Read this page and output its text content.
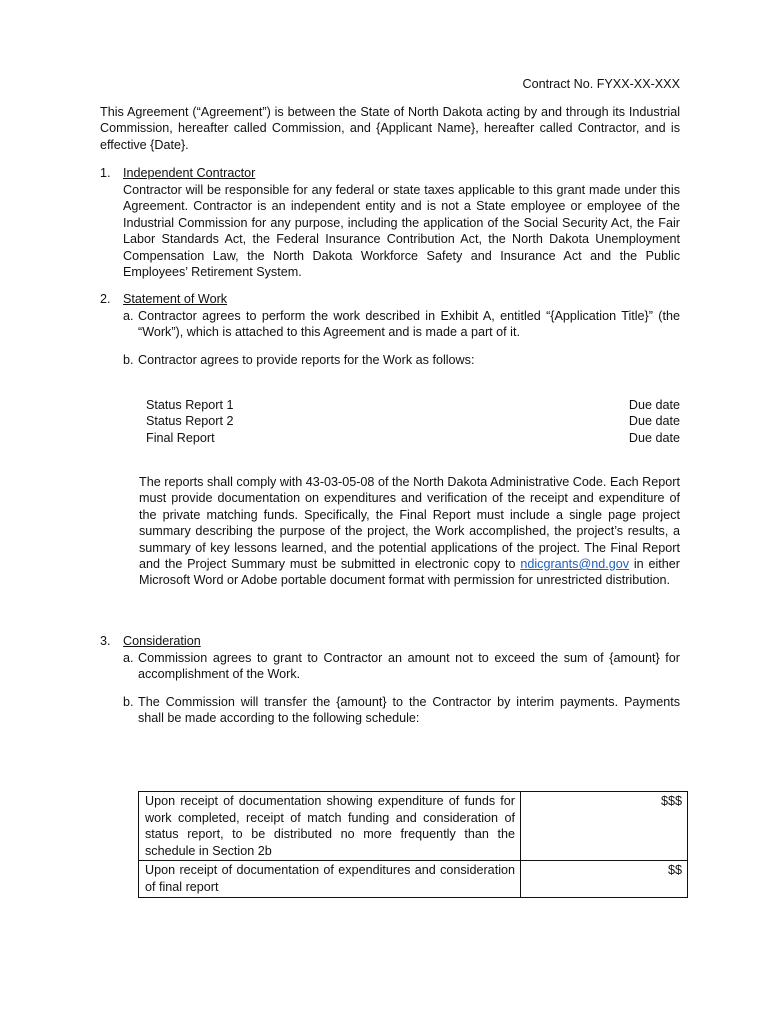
Contract No. FYXX-XX-XXX
This Agreement (“Agreement”) is between the State of North Dakota acting by and through its Industrial Commission, hereafter called Commission, and {Applicant Name}, hereafter called Contractor, and is effective {Date}.
1. Independent Contractor
Contractor will be responsible for any federal or state taxes applicable to this grant made under this Agreement. Contractor is an independent entity and is not a State employee or employee of the Industrial Commission for any purpose, including the application of the Social Security Act, the Fair Labor Standards Act, the Federal Insurance Contribution Act, the North Dakota Unemployment Compensation Law, the North Dakota Workforce Safety and Insurance Act and the Public Employees’ Retirement System.
2. Statement of Work
a. Contractor agrees to perform the work described in Exhibit A, entitled “{Application Title}” (the “Work”), which is attached to this Agreement and is made a part of it.
b. Contractor agrees to provide reports for the Work as follows:
Status Report 1	Due date
Status Report 2	Due date
Final Report	Due date
The reports shall comply with 43-03-05-08 of the North Dakota Administrative Code. Each Report must provide documentation on expenditures and verification of the receipt and expenditure of the private matching funds. Specifically, the Final Report must include a single page project summary describing the purpose of the project, the Work accomplished, the project’s results, a summary of key lessons learned, and the potential applications of the project. The Final Report and the Project Summary must be submitted in electronic copy to ndicgrants@nd.gov in either Microsoft Word or Adobe portable document format with permission for unrestricted distribution.
3. Consideration
a. Commission agrees to grant to Contractor an amount not to exceed the sum of {amount} for accomplishment of the Work.
b. The Commission will transfer the {amount} to the Contractor by interim payments. Payments shall be made according to the following schedule:
Upon receipt of documentation showing expenditure of funds for work completed, receipt of match funding and consideration of status report, to be distributed no more frequently than the schedule in Section 2b	$$$
Upon receipt of documentation of expenditures and consideration of final report	$$
